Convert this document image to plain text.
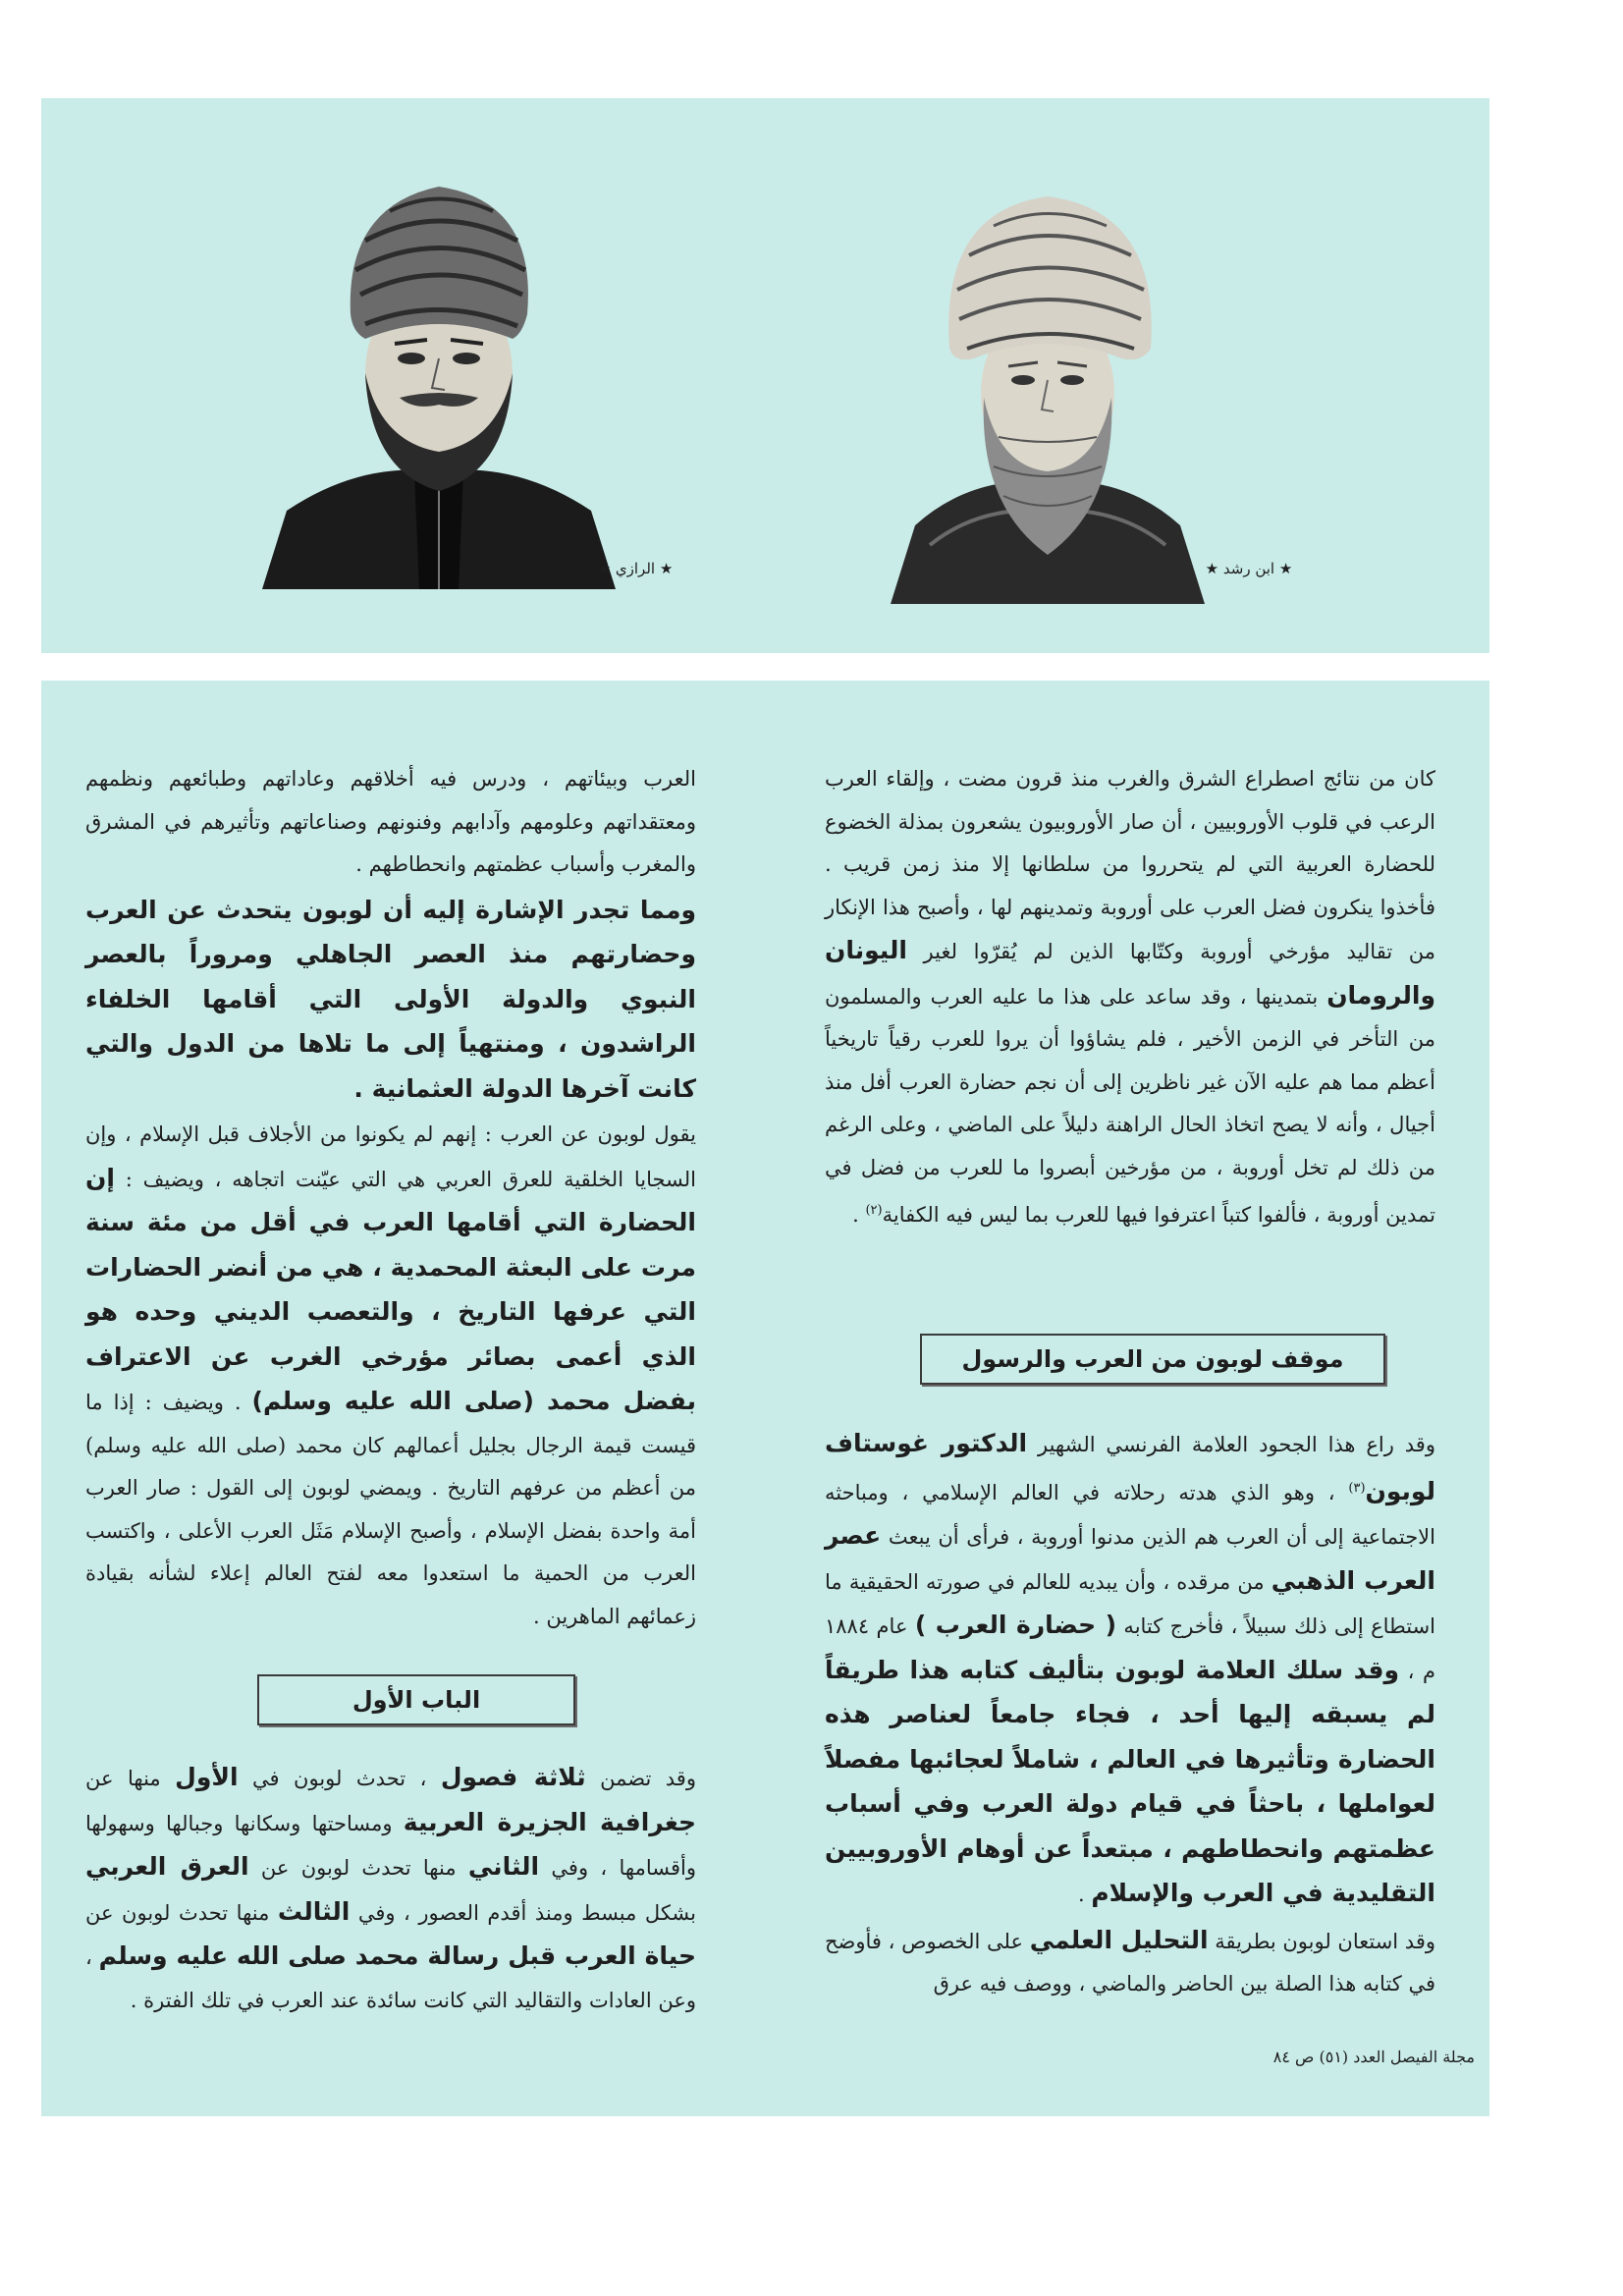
★ الرازي ★	★ ابن رشد ★

كان من نتائج اصطراع الشرق والغرب منذ قرون مضت ، وإلقاء العرب الرعب في قلوب الأوروبيين ، أن صار الأوروبيون يشعرون بمذلة الخضوع للحضارة العربية التي لم يتحرروا من سلطانها إلا منذ زمن قريب . فأخذوا ينكرون فضل العرب على أوروبة وتمدينهم لها ، وأصبح هذا الإنكار من تقاليد مؤرخي أوروبة وكتّابها الذين لم يُقرّوا لغير اليونان والرومان بتمدينها ، وقد ساعد على هذا ما عليه العرب والمسلمون من التأخر في الزمن الأخير ، فلم يشاؤوا أن يروا للعرب رقياً تاريخياً أعظم مما هم عليه الآن غير ناظرين إلى أن نجم حضارة العرب أفل منذ أجيال ، وأنه لا يصح اتخاذ الحال الراهنة دليلاً على الماضي ، وعلى الرغم من ذلك لم تخل أوروبة ، من مؤرخين أبصروا ما للعرب من فضل في تمدين أوروبة ، فألفوا كتباً اعترفوا فيها للعرب بما ليس فيه الكفاية$^{(٢)}$ .

موقف لوبون من العرب والرسول

وقد راع هذا الجحود العلامة الفرنسي الشهير الدكتور غوستاف لوبون$^{(٣)}$ ، وهو الذي هدته رحلاته في العالم الإسلامي ، ومباحثه الاجتماعية إلى أن العرب هم الذين مدنوا أوروبة ، فرأى أن يبعث عصر العرب الذهبي من مرقده ، وأن يبديه للعالم في صورته الحقيقية ما استطاع إلى ذلك سبيلاً ، فأخرج كتابه ( حضارة العرب ) عام ١٨٨٤ م ، وقد سلك العلامة لوبون بتأليف كتابه هذا طريقاً لم يسبقه إليها أحد ، فجاء جامعاً لعناصر هذه الحضارة وتأثيرها في العالم ، شاملاً لعجائبها مفصلاً لعواملها ، باحثاً في قيام دولة العرب وفي أسباب عظمتهم وانحطاطهم ، مبتعداً عن أوهام الأوروبيين التقليدية في العرب والإسلام .

وقد استعان لوبون بطريقة التحليل العلمي على الخصوص ، فأوضح في كتابه هذا الصلة بين الحاضر والماضي ، ووصف فيه عرق

العرب وبيئاتهم ، ودرس فيه أخلاقهم وعاداتهم وطبائعهم ونظمهم ومعتقداتهم وعلومهم وآدابهم وفنونهم وصناعاتهم وتأثيرهم في المشرق والمغرب وأسباب عظمتهم وانحطاطهم .

ومما تجدر الإشارة إليه أن لوبون يتحدث عن العرب وحضارتهم منذ العصر الجاهلي ومروراً بالعصر النبوي والدولة الأولى التي أقامها الخلفاء الراشدون ، ومنتهياً إلى ما تلاها من الدول والتي كانت آخرها الدولة العثمانية .

يقول لوبون عن العرب : إنهم لم يكونوا من الأجلاف قبل الإسلام ، وإن السجايا الخلقية للعرق العربي هي التي عيّنت اتجاهه ، ويضيف : إن الحضارة التي أقامها العرب في أقل من مئة سنة مرت على البعثة المحمدية ، هي من أنضر الحضارات التي عرفها التاريخ ، والتعصب الديني وحده هو الذي أعمى بصائر مؤرخي الغرب عن الاعتراف بفضل محمد (صلى الله عليه وسلم) . ويضيف : إذا ما قيست قيمة الرجال بجليل أعمالهم كان محمد (صلى الله عليه وسلم) من أعظم من عرفهم التاريخ . ويمضي لوبون إلى القول : صار العرب أمة واحدة بفضل الإسلام ، وأصبح الإسلام مَثَل العرب الأعلى ، واكتسب العرب من الحمية ما استعدوا معه لفتح العالم إعلاء لشأنه بقيادة زعمائهم الماهرين .

الباب الأول

وقد تضمن ثلاثة فصول ، تحدث لوبون في الأول منها عن جغرافية الجزيرة العربية ومساحتها وسكانها وجبالها وسهولها وأقسامها ، وفي الثاني منها تحدث لوبون عن العرق العربي بشكل مبسط ومنذ أقدم العصور ، وفي الثالث منها تحدث لوبون عن حياة العرب قبل رسالة محمد صلى الله عليه وسلم ، وعن العادات والتقاليد التي كانت سائدة عند العرب في تلك الفترة .

مجلة الفيصل العدد (٥١) ص ٨٤
